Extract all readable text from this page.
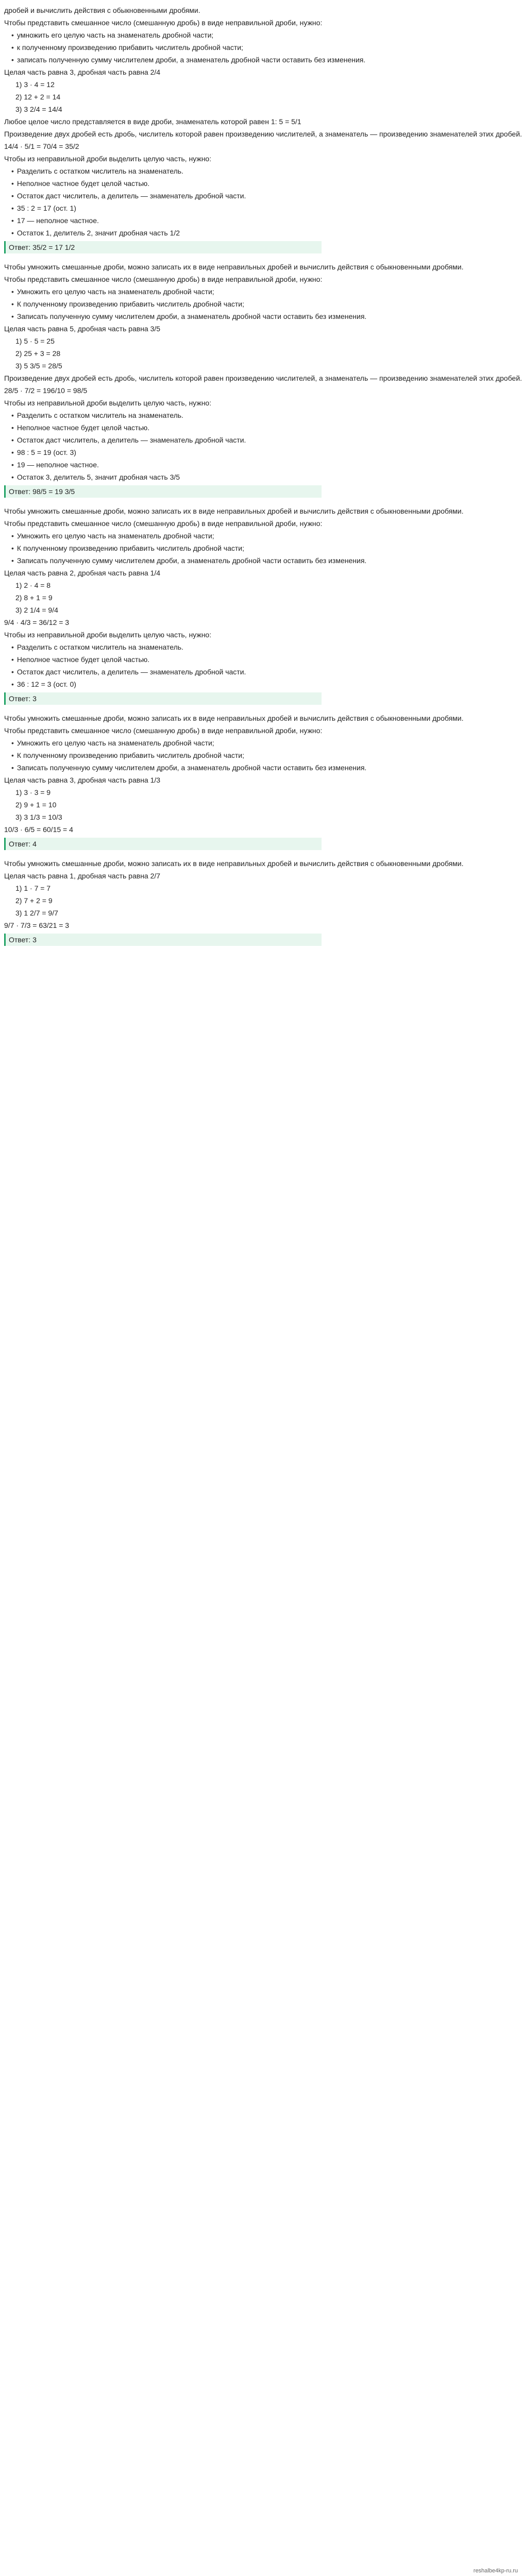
дробей и вычислить действия с обыкновенными дробями.
Чтобы представить смешанное число (смешанную дробь) в виде неправильной дроби, нужно:
• умножить его целую часть на знаменатель дробной части;
• к полученному произведению прибавить числитель дробной части;
• записать полученную сумму числителем дроби, а знаменатель дробной части оставить без изменения.
Целая часть равна 3, дробная часть равна 2/4
1) 3 · 4 = 12
2) 12 + 2 = 14
3) 3 2/4 = 14/4
Любое целое число представляется в виде дроби, знаменатель которой равен 1: 5 = 5/1
Произведение двух дробей есть дробь, числитель которой равен произведению числителей, а знаменатель — произведению знаменателей этих дробей.
14/4 · 5/1 = 70/4 = 35/2
Чтобы из неправильной дроби выделить целую часть, нужно:
• Разделить с остатком числитель на знаменатель.
• Неполное частное будет целой частью.
• Остаток даст числитель, а делитель — знаменатель дробной части.
• 35 : 2 = 17 (ост. 1)
• 17 — неполное частное.
• Остаток 1, делитель 2, значит дробная часть 1/2
Ответ: 35/2 = 17 1/2
Чтобы умножить смешанные дроби, можно записать их в виде неправильных дробей и вычислить действия с обыкновенными дробями.
Чтобы представить смешанное число (смешанную дробь) в виде неправильной дроби, нужно:
• Умножить его целую часть на знаменатель дробной части;
• К полученному произведению прибавить числитель дробной части;
• Записать полученную сумму числителем дроби, а знаменатель дробной части оставить без изменения.
Целая часть равна 5, дробная часть равна 3/5
1) 5 · 5 = 25
2) 25 + 3 = 28
3) 5 3/5 = 28/5
Произведение двух дробей есть дробь, числитель которой равен произведению числителей, а знаменатель — произведению знаменателей этих дробей.
28/5 · 7/2 = 196/10 = 98/5
Чтобы из неправильной дроби выделить целую часть, нужно:
• Разделить с остатком числитель на знаменатель.
• Неполное частное будет целой частью.
• Остаток даст числитель, а делитель — знаменатель дробной части.
• 98 : 5 = 19 (ост. 3)
• 19 — неполное частное.
• Остаток 3, делитель 5, значит дробная часть 3/5
Ответ: 98/5 = 19 3/5
Чтобы умножить смешанные дроби, можно записать их в виде неправильных дробей и вычислить действия с обыкновенными дробями.
Чтобы представить смешанное число (смешанную дробь) в виде неправильной дроби, нужно:
• Умножить его целую часть на знаменатель дробной части;
• К полученному произведению прибавить числитель дробной части;
• Записать полученную сумму числителем дроби, а знаменатель дробной части оставить без изменения.
Целая часть равна 2, дробная часть равна 1/4
1) 2 · 4 = 8
2) 8 + 1 = 9
3) 2 1/4 = 9/4
9/4 · 4/3 = 36/12 = 3
Чтобы из неправильной дроби выделить целую часть, нужно:
• Разделить с остатком числитель на знаменатель.
• Неполное частное будет целой частью.
• Остаток даст числитель, а делитель — знаменатель дробной части.
• 36 : 12 = 3 (ост. 0)
Ответ: 3
Чтобы умножить смешанные дроби, можно записать их в виде неправильных дробей и вычислить действия с обыкновенными дробями.
Чтобы представить смешанное число (смешанную дробь) в виде неправильной дроби, нужно:
• Умножить его целую часть на знаменатель дробной части;
• К полученному произведению прибавить числитель дробной части;
• Записать полученную сумму числителем дроби, а знаменатель дробной части оставить без изменения.
Целая часть равна 3, дробная часть равна 1/3
1) 3 · 3 = 9
2) 9 + 1 = 10
3) 3 1/3 = 10/3
10/3 · 6/5 = 60/15 = 4
Ответ: 4
Чтобы умножить смешанные дроби, можно записать их в виде неправильных дробей и вычислить действия с обыкновенными дробями.
Целая часть равна 1, дробная часть равна 2/7
1) 1 · 7 = 7
2) 7 + 2 = 9
3) 1 2/7 = 9/7
9/7 · 7/3 = 63/21 = 3
Ответ: 3
reshalbe4kp-ru.ru
